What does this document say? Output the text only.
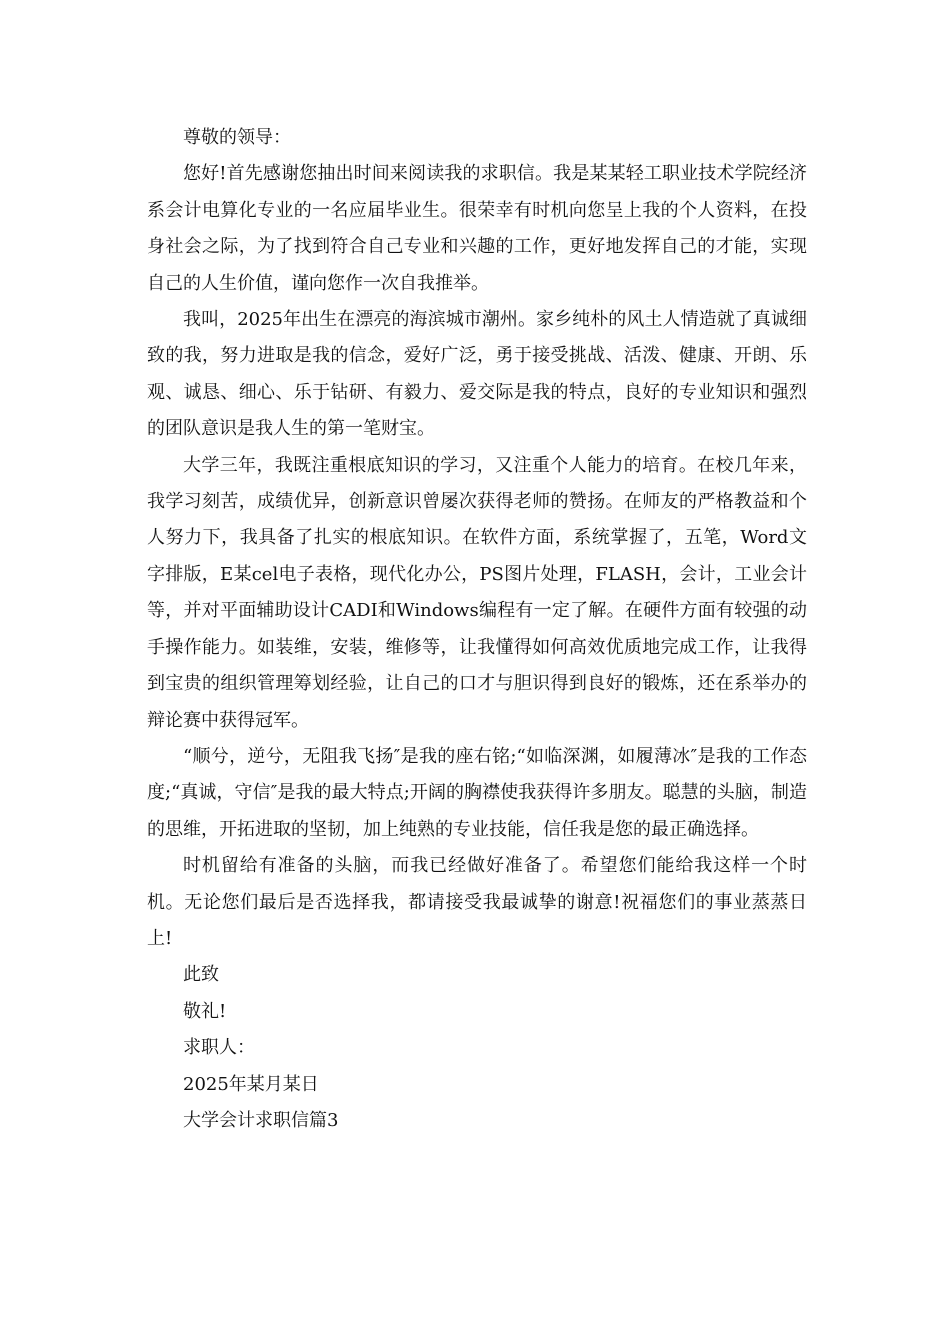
尊敬的领导：

您好!首先感谢您抽出时间来阅读我的求职信。我是某某轻工职业技术学院经济系会计电算化专业的一名应届毕业生。很荣幸有时机向您呈上我的个人资料，在投身社会之际，为了找到符合自己专业和兴趣的工作，更好地发挥自己的才能，实现自己的人生价值，谨向您作一次自我推举。

我叫，2025年出生在漂亮的海滨城市潮州。家乡纯朴的风土人情造就了真诚细致的我，努力进取是我的信念，爱好广泛，勇于接受挑战、活泼、健康、开朗、乐观、诚恳、细心、乐于钻研、有毅力、爱交际是我的特点，良好的专业知识和强烈的团队意识是我人生的第一笔财宝。

大学三年，我既注重根底知识的学习，又注重个人能力的培育。在校几年来，我学习刻苦，成绩优异，创新意识曾屡次获得老师的赞扬。在师友的严格教益和个人努力下，我具备了扎实的根底知识。在软件方面，系统掌握了，五笔，Word文字排版，E某cel电子表格，现代化办公，PS图片处理，FLASH，会计，工业会计等，并对平面辅助设计CADI和Windows编程有一定了解。在硬件方面有较强的动手操作能力。如装维，安装，维修等，让我懂得如何高效优质地完成工作，让我得到宝贵的组织管理筹划经验，让自己的口才与胆识得到良好的锻炼，还在系举办的辩论赛中获得冠军。

“顺兮，逆兮，无阻我飞扬″是我的座右铭;“如临深渊，如履薄冰″是我的工作态度;“真诚，守信″是我的最大特点;开阔的胸襟使我获得许多朋友。聪慧的头脑，制造的思维，开拓进取的坚韧，加上纯熟的专业技能，信任我是您的最正确选择。

时机留给有准备的头脑，而我已经做好准备了。希望您们能给我这样一个时机。无论您们最后是否选择我，都请接受我最诚挚的谢意!祝福您们的事业蒸蒸日上!

此致

敬礼!

求职人：

2025年某月某日

大学会计求职信篇3
